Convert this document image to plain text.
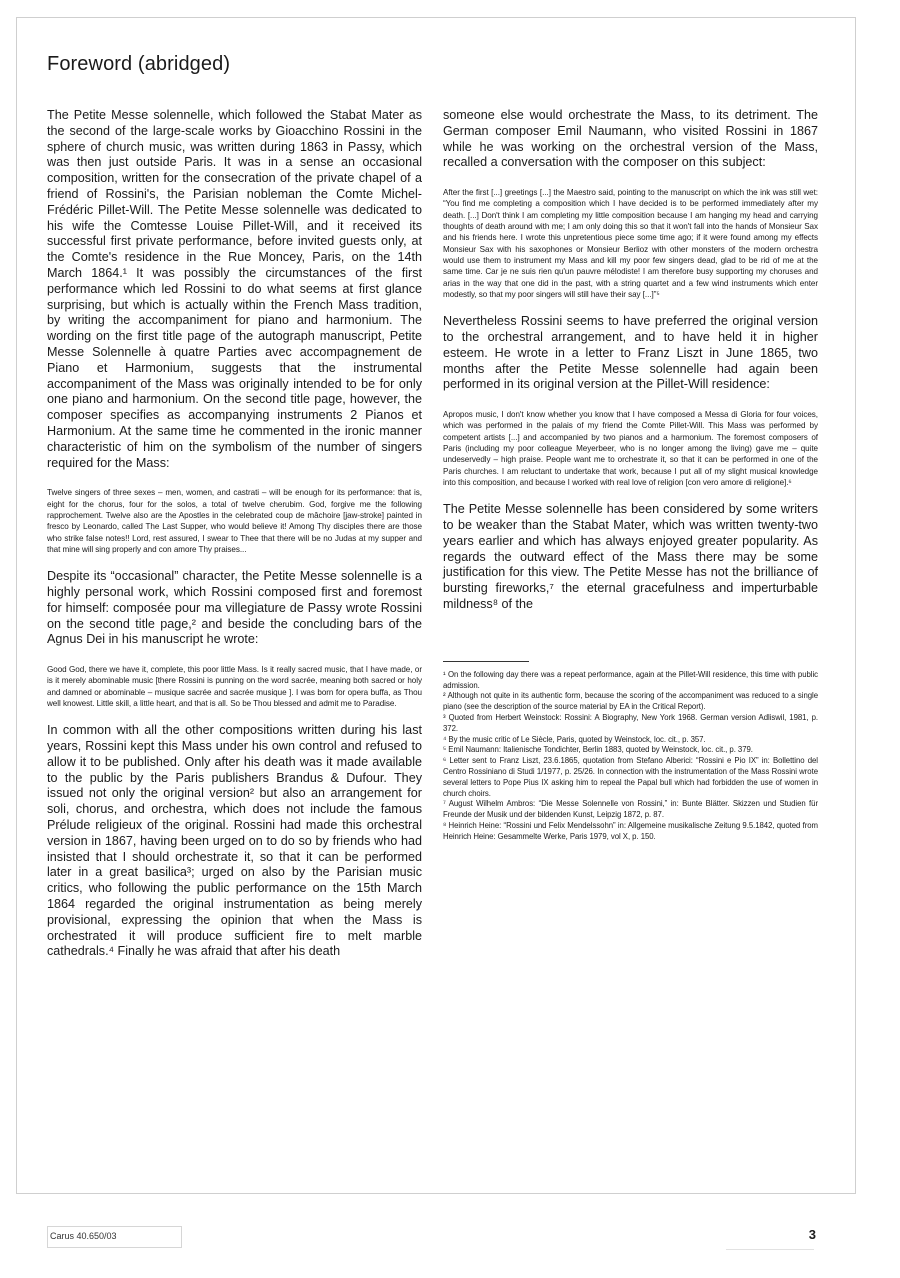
Foreword (abridged)

The Petite Messe solennelle, which followed the Stabat Mater as the second of the large-scale works by Gioacchino Rossini in the sphere of church music, was written during 1863 in Passy, which was then just outside Paris. It was in a sense an occasional composition, written for the consecration of the private chapel of a friend of Rossini's, the Parisian nobleman the Comte Michel-Frédéric Pillet-Will. The Petite Messe solennelle was dedicated to his wife the Comtesse Louise Pillet-Will, and it received its successful first private performance, before invited guests only, at the Comte's residence in the Rue Moncey, Paris, on the 14th March 1864.¹ It was possibly the circumstances of the first performance which led Rossini to do what seems at first glance surprising, but which is actually within the French Mass tradition, by writing the accompaniment for piano and harmonium. The wording on the first title page of the autograph manuscript, Petite Messe Solennelle à quatre Parties avec accompagnement de Piano et Harmonium, suggests that the instrumental accompaniment of the Mass was originally intended to be for only one piano and harmonium. On the second title page, however, the composer specifies as accompanying instruments 2 Pianos et Harmonium. At the same time he commented in the ironic manner characteristic of him on the symbolism of the number of singers required for the Mass:

Twelve singers of three sexes – men, women, and castrati – will be enough for its performance: that is, eight for the chorus, four for the solos, a total of twelve cherubim. God, forgive me the following rapprochement. Twelve also are the Apostles in the celebrated coup de mâchoire [jaw-stroke] painted in fresco by Leonardo, called The Last Supper, who would believe it! Among Thy disciples there are those who strike false notes!! Lord, rest assured, I swear to Thee that there will be no Judas at my supper and that mine will sing properly and con amore Thy praises...

Despite its “occasional” character, the Petite Messe solennelle is a highly personal work, which Rossini composed first and foremost for himself: composée pour ma villegiature de Passy wrote Rossini on the second title page,² and beside the concluding bars of the Agnus Dei in his manuscript he wrote:

Good God, there we have it, complete, this poor little Mass. Is it really sacred music, that I have made, or is it merely abominable music [there Rossini is punning on the word sacrée, meaning both sacred or holy and damned or abominable – musique sacrée and sacrée musique ]. I was born for opera buffa, as Thou well knowest. Little skill, a little heart, and that is all. So be Thou blessed and admit me to Paradise.

In common with all the other compositions written during his last years, Rossini kept this Mass under his own control and refused to allow it to be published. Only after his death was it made available to the public by the Paris publishers Brandus & Dufour. They issued not only the original version² but also an arrangement for soli, chorus, and orchestra, which does not include the famous Prélude religieux of the original. Rossini had made this orchestral version in 1867, having been urged on to do so by friends who had insisted that I should orchestrate it, so that it can be performed later in a great basilica³; urged on also by the Parisian music critics, who following the public performance on the 15th March 1864 regarded the original instrumentation as being merely provisional, expressing the opinion that when the Mass is orchestrated it will produce sufficient fire to melt marble cathedrals.⁴ Finally he was afraid that after his death

someone else would orchestrate the Mass, to its detriment. The German composer Emil Naumann, who visited Rossini in 1867 while he was working on the orchestral version of the Mass, recalled a conversation with the composer on this subject:

After the first [...] greetings [...] the Maestro said, pointing to the manuscript on which the ink was still wet: “You find me completing a composition which I have decided is to be performed immediately after my death. [...] Don't think I am completing my little composition because I am hanging my head and carrying thoughts of death around with me; I am only doing this so that it won't fall into the hands of Monsieur Sax and his friends here. I wrote this unpretentious piece some time ago; if it were found among my effects Monsieur Sax with his saxophones or Monsieur Berlioz with other monsters of the modern orchestra would use them to instrument my Mass and kill my poor few singers dead, glad to be rid of me at the same time. Car je ne suis rien qu'un pauvre mélodiste! I am therefore busy supporting my choruses and arias in the way that one did in the past, with a string quartet and a few wind instruments which enter modestly, so that my poor singers will still have their say [...]”⁵

Nevertheless Rossini seems to have preferred the original version to the orchestral arrangement, and to have held it in higher esteem. He wrote in a letter to Franz Liszt in June 1865, two months after the Petite Messe solennelle had again been performed in its original version at the Pillet-Will residence:

Apropos music, I don't know whether you know that I have composed a Messa di Gloria for four voices, which was performed in the palais of my friend the Comte Pillet-Will. This Mass was performed by competent artists [...] and accompanied by two pianos and a harmonium. The foremost composers of Paris (including my poor colleague Meyerbeer, who is no longer among the living) gave me – quite undeservedly – high praise. People want me to orchestrate it, so that it can be performed in one of the Paris churches. I am reluctant to undertake that work, because I put all of my slight musical knowledge into this composition, and because I worked with real love of religion [con vero amore di religione].⁶

The Petite Messe solennelle has been considered by some writers to be weaker than the Stabat Mater, which was written twenty-two years earlier and which has always enjoyed greater popularity. As regards the outward effect of the Mass there may be some justification for this view. The Petite Messe has not the brilliance of bursting fireworks,⁷ the eternal gracefulness and imperturbable mildness⁸ of the

¹ On the following day there was a repeat performance, again at the Pillet-Will residence, this time with public admission.

² Although not quite in its authentic form, because the scoring of the accompaniment was reduced to a single piano (see the description of the source material by EA in the Critical Report).

³ Quoted from Herbert Weinstock: Rossini: A Biography, New York 1968. German version Adliswil, 1981, p. 372.

⁴ By the music critic of Le Siècle, Paris, quoted by Weinstock, loc. cit., p. 357.

⁵ Emil Naumann: Italienische Tondichter, Berlin 1883, quoted by Weinstock, loc. cit., p. 379.

⁶ Letter sent to Franz Liszt, 23.6.1865, quotation from Stefano Alberici: “Rossini e Pio IX” in: Bollettino del Centro Rossiniano di Studi 1/1977, p. 25/26. In connection with the instrumentation of the Mass Rossini wrote several letters to Pope Pius IX asking him to repeal the Papal bull which had forbidden the use of women in church choirs.

⁷ August Wilhelm Ambros: “Die Messe Solennelle von Rossini,” in: Bunte Blätter. Skizzen und Studien für Freunde der Musik und der bildenden Kunst, Leipzig 1872, p. 87.

⁸ Heinrich Heine: “Rossini und Felix Mendelssohn” in: Allgemeine musikalische Zeitung 9.5.1842, quoted from Heinrich Heine: Gesammelte Werke, Paris 1979, vol X, p. 150.

Carus 40.650/03	3
